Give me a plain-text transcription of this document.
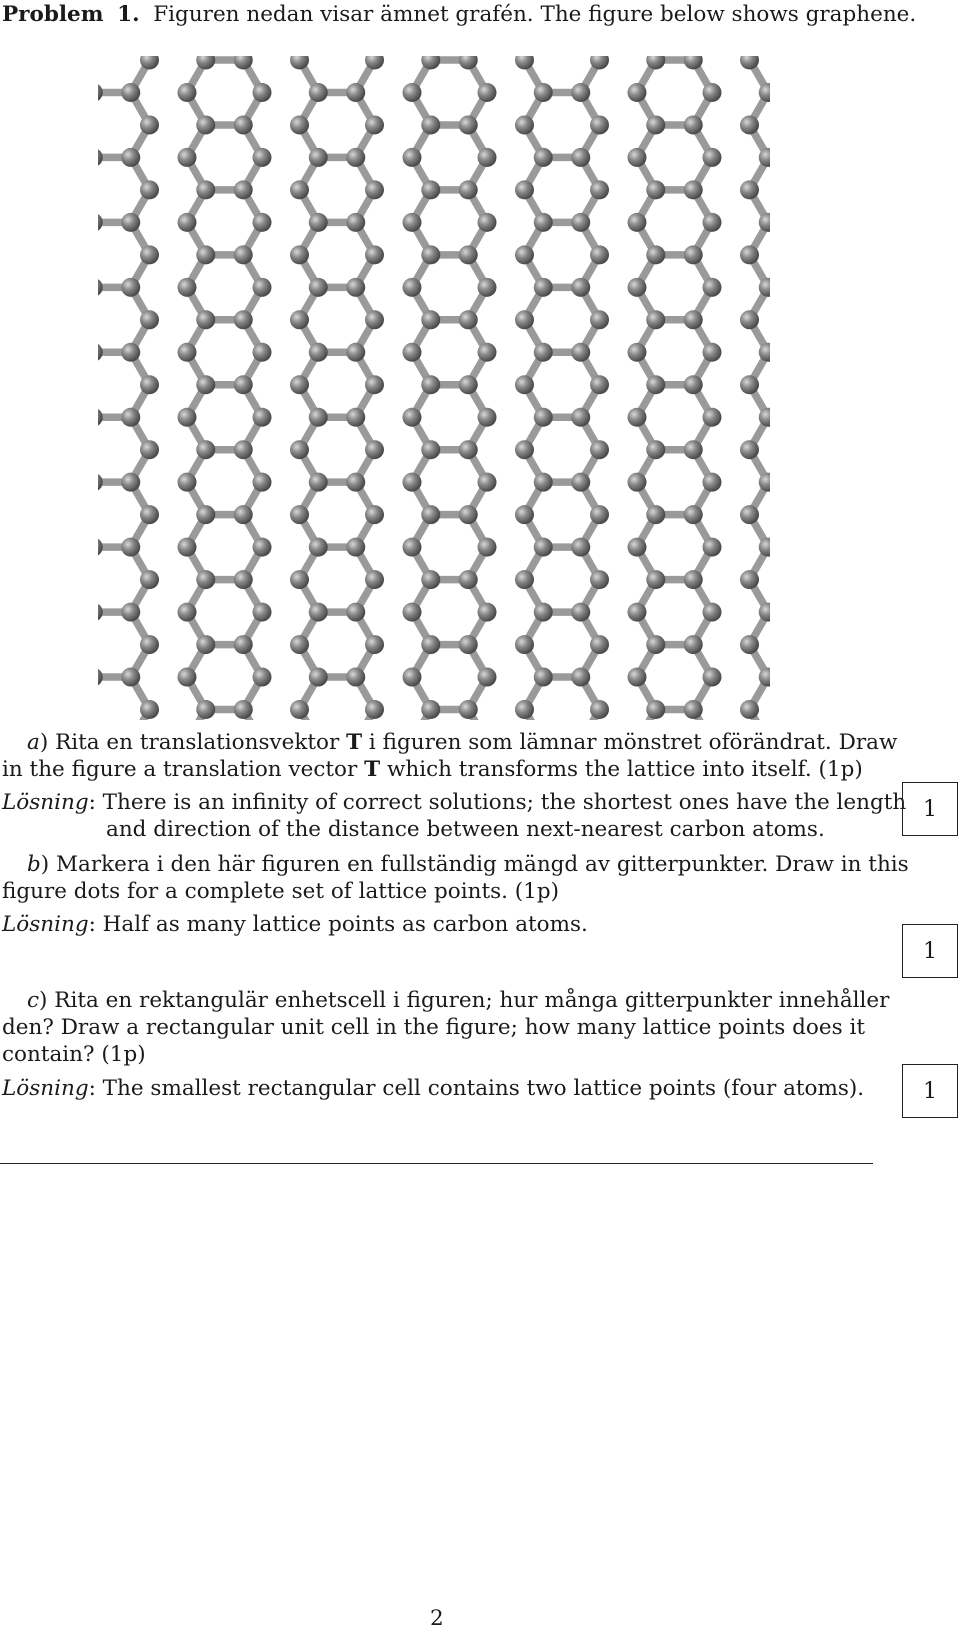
Problem 1. Figuren nedan visar ämnet grafén. The figure below shows graphene.
a) Rita en translationsvektor T i figuren som lämnar mönstret oförändrat. Draw
in the figure a translation vector T which transforms the lattice into itself. (1p)
Lösning: There is an infinity of correct solutions; the shortest ones have the length
and direction of the distance between next-nearest carbon atoms.
1
b) Markera i den här figuren en fullständig mängd av gitterpunkter. Draw in this
figure dots for a complete set of lattice points. (1p)
Lösning: Half as many lattice points as carbon atoms.
1
c) Rita en rektangulär enhetscell i figuren; hur många gitterpunkter innehåller
den? Draw a rectangular unit cell in the figure; how many lattice points does it
contain? (1p)
Lösning: The smallest rectangular cell contains two lattice points (four atoms).	1
2
